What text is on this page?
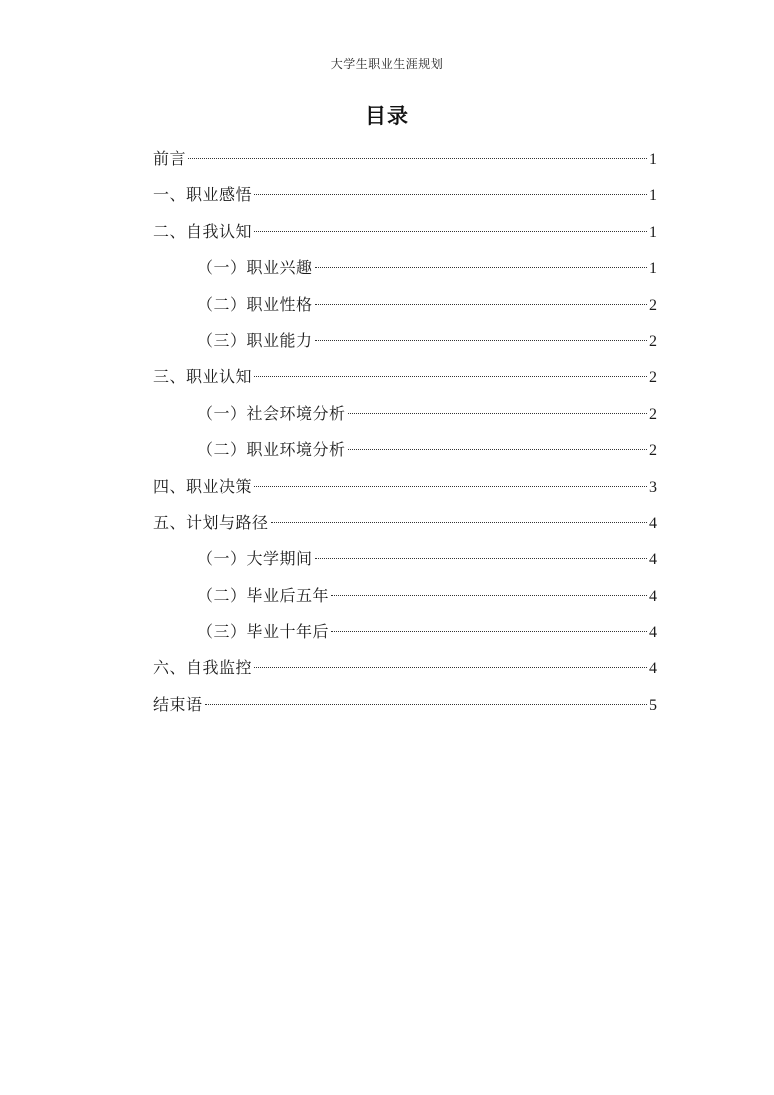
大学生职业生涯规划
目录
前言	1
一、职业感悟	1
二、自我认知	1
（一）职业兴趣	1
（二）职业性格	2
（三）职业能力	2
三、职业认知	2
（一）社会环境分析	2
（二）职业环境分析	2
四、职业决策	3
五、计划与路径	4
（一）大学期间	4
（二）毕业后五年	4
（三）毕业十年后	4
六、自我监控	4
结束语	5
